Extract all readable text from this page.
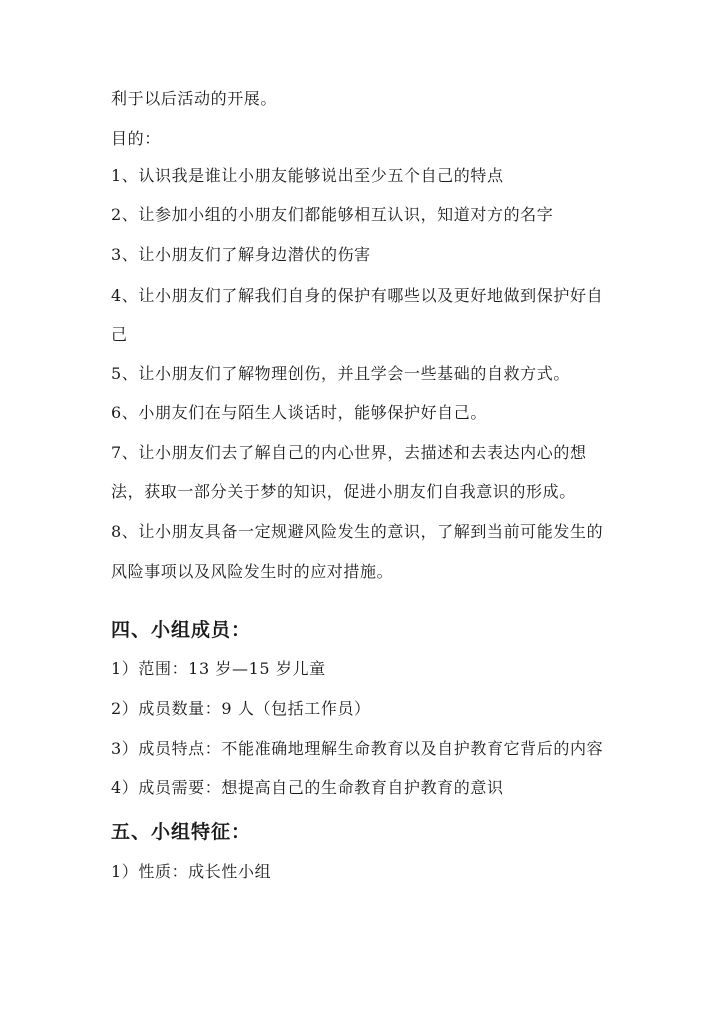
利于以后活动的开展。
目的：
1、认识我是谁让小朋友能够说出至少五个自己的特点
2、让参加小组的小朋友们都能够相互认识，知道对方的名字
3、让小朋友们了解身边潜伏的伤害
4、让小朋友们了解我们自身的保护有哪些以及更好地做到保护好自
己
5、让小朋友们了解物理创伤，并且学会一些基础的自救方式。
6、小朋友们在与陌生人谈话时，能够保护好自己。
7、让小朋友们去了解自己的内心世界，去描述和去表达内心的想
法，获取一部分关于梦的知识，促进小朋友们自我意识的形成。
8、让小朋友具备一定规避风险发生的意识，了解到当前可能发生的
风险事项以及风险发生时的应对措施。
四、小组成员：
1）范围：13 岁—15 岁儿童
2）成员数量：9 人（包括工作员）
3）成员特点：不能准确地理解生命教育以及自护教育它背后的内容
4）成员需要：想提高自己的生命教育自护教育的意识
五、小组特征：
1）性质：成长性小组
